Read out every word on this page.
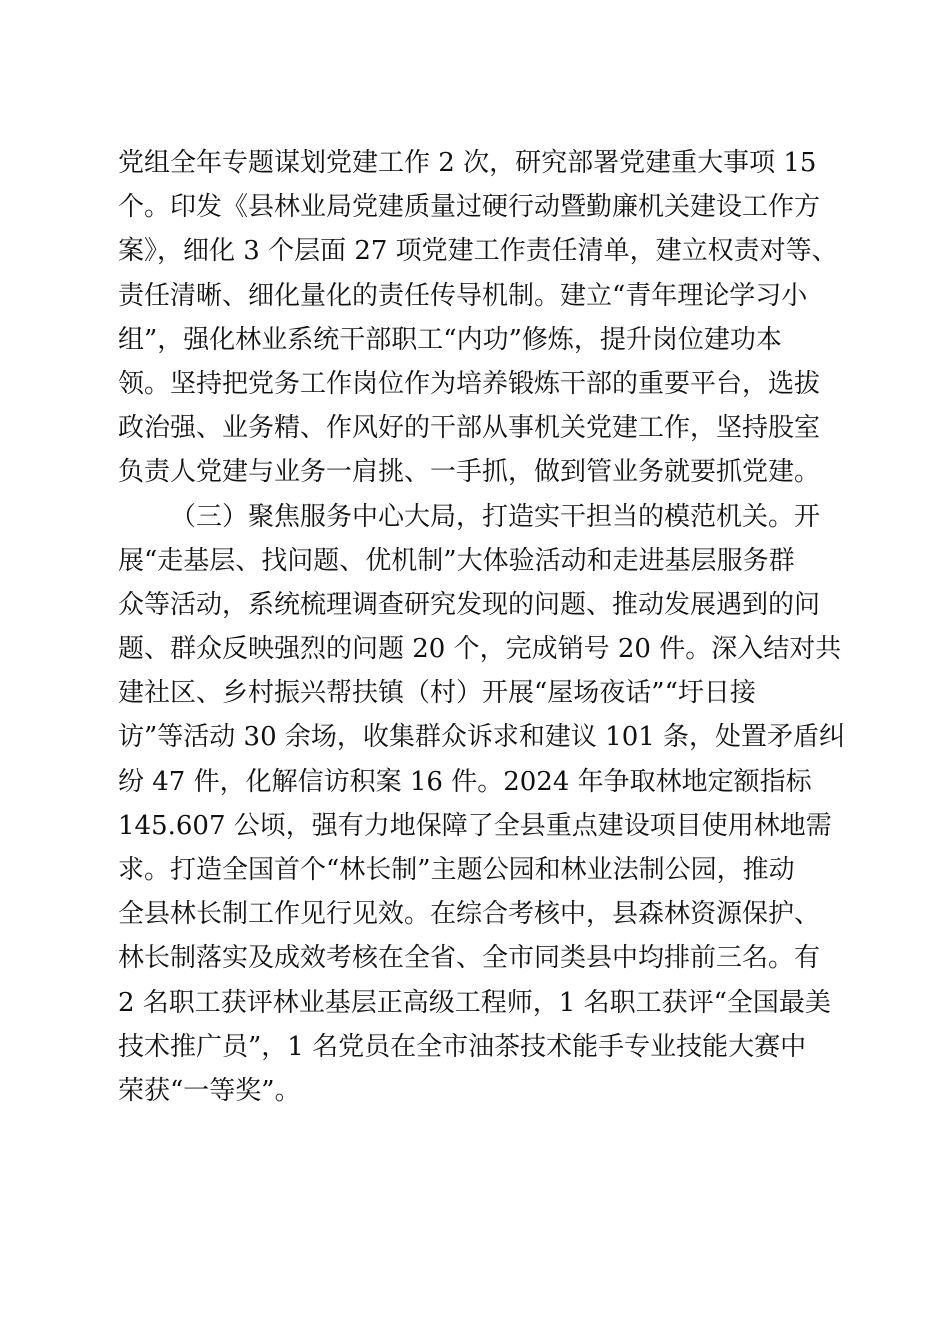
党组全年专题谋划党建工作 2 次，研究部署党建重大事项 15
个。印发《县林业局党建质量过硬行动暨勤廉机关建设工作方
案》，细化 3 个层面 27 项党建工作责任清单，建立权责对等、
责任清晰、细化量化的责任传导机制。建立“青年理论学习小
组”，强化林业系统干部职工“内功”修炼，提升岗位建功本
领。坚持把党务工作岗位作为培养锻炼干部的重要平台，选拔
政治强、业务精、作风好的干部从事机关党建工作，坚持股室
负责人党建与业务一肩挑、一手抓，做到管业务就要抓党建。
（三）聚焦服务中心大局，打造实干担当的模范机关。开
展“走基层、找问题、优机制”大体验活动和走进基层服务群
众等活动，系统梳理调查研究发现的问题、推动发展遇到的问
题、群众反映强烈的问题 20 个，完成销号 20 件。深入结对共
建社区、乡村振兴帮扶镇（村）开展“屋场夜话”“圩日接
访”等活动 30 余场，收集群众诉求和建议 101 条，处置矛盾纠
纷 47 件，化解信访积案 16 件。2024 年争取林地定额指标
145.607 公顷，强有力地保障了全县重点建设项目使用林地需
求。打造全国首个“林长制”主题公园和林业法制公园，推动
全县林长制工作见行见效。在综合考核中，县森林资源保护、
林长制落实及成效考核在全省、全市同类县中均排前三名。有
2 名职工获评林业基层正高级工程师，1 名职工获评“全国最美
技术推广员”，1 名党员在全市油茶技术能手专业技能大赛中
荣获“一等奖”。
